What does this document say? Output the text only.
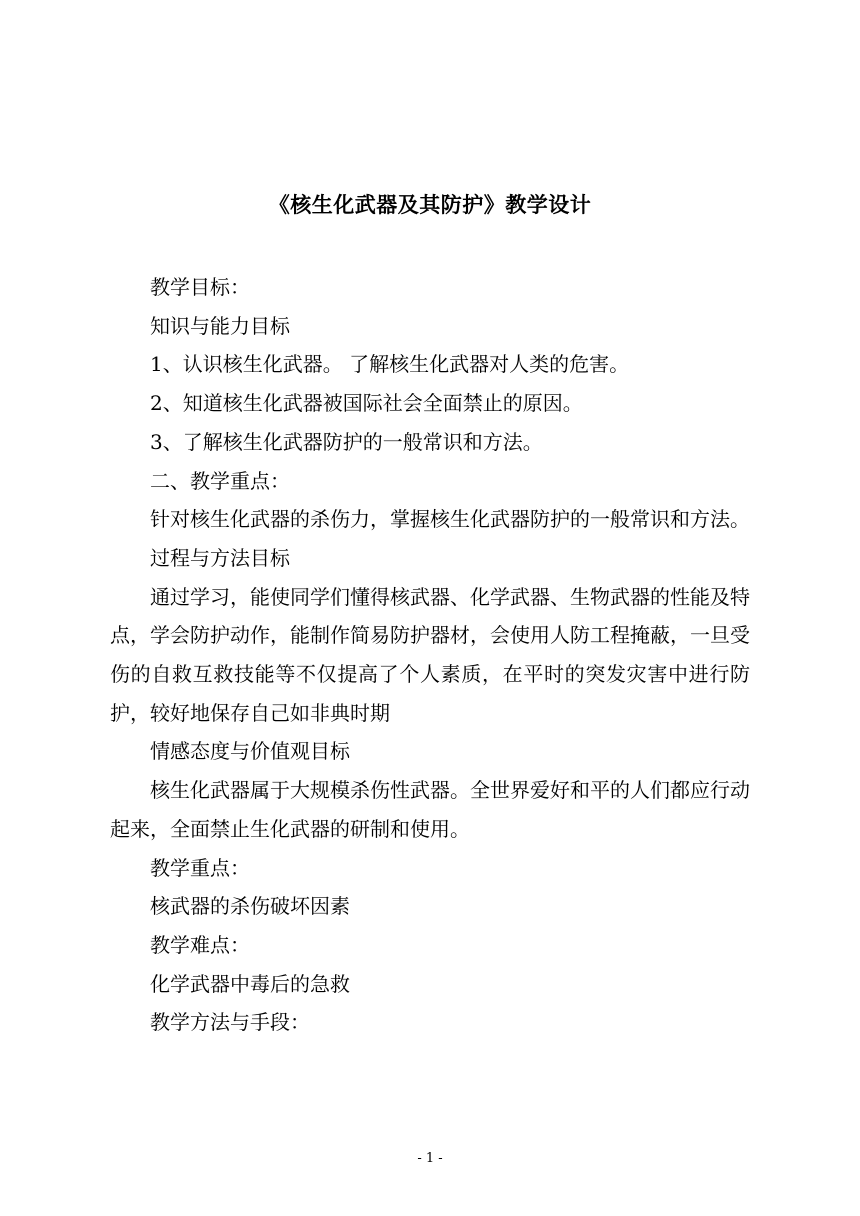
《核生化武器及其防护》教学设计

教学目标：

知识与能力目标

1、认识核生化武器。 了解核生化武器对人类的危害。

2、知道核生化武器被国际社会全面禁止的原因。

3、了解核生化武器防护的一般常识和方法。

二、教学重点：

针对核生化武器的杀伤力，掌握核生化武器防护的一般常识和方法。

过程与方法目标

通过学习，能使同学们懂得核武器、化学武器、生物武器的性能及特点，学会防护动作，能制作简易防护器材，会使用人防工程掩蔽，一旦受伤的自救互救技能等不仅提高了个人素质，在平时的突发灾害中进行防护，较好地保存自己如非典时期

情感态度与价值观目标

核生化武器属于大规模杀伤性武器。全世界爱好和平的人们都应行动起来，全面禁止生化武器的研制和使用。

教学重点：

核武器的杀伤破坏因素

教学难点：

化学武器中毒后的急救

教学方法与手段：

- 1 -
